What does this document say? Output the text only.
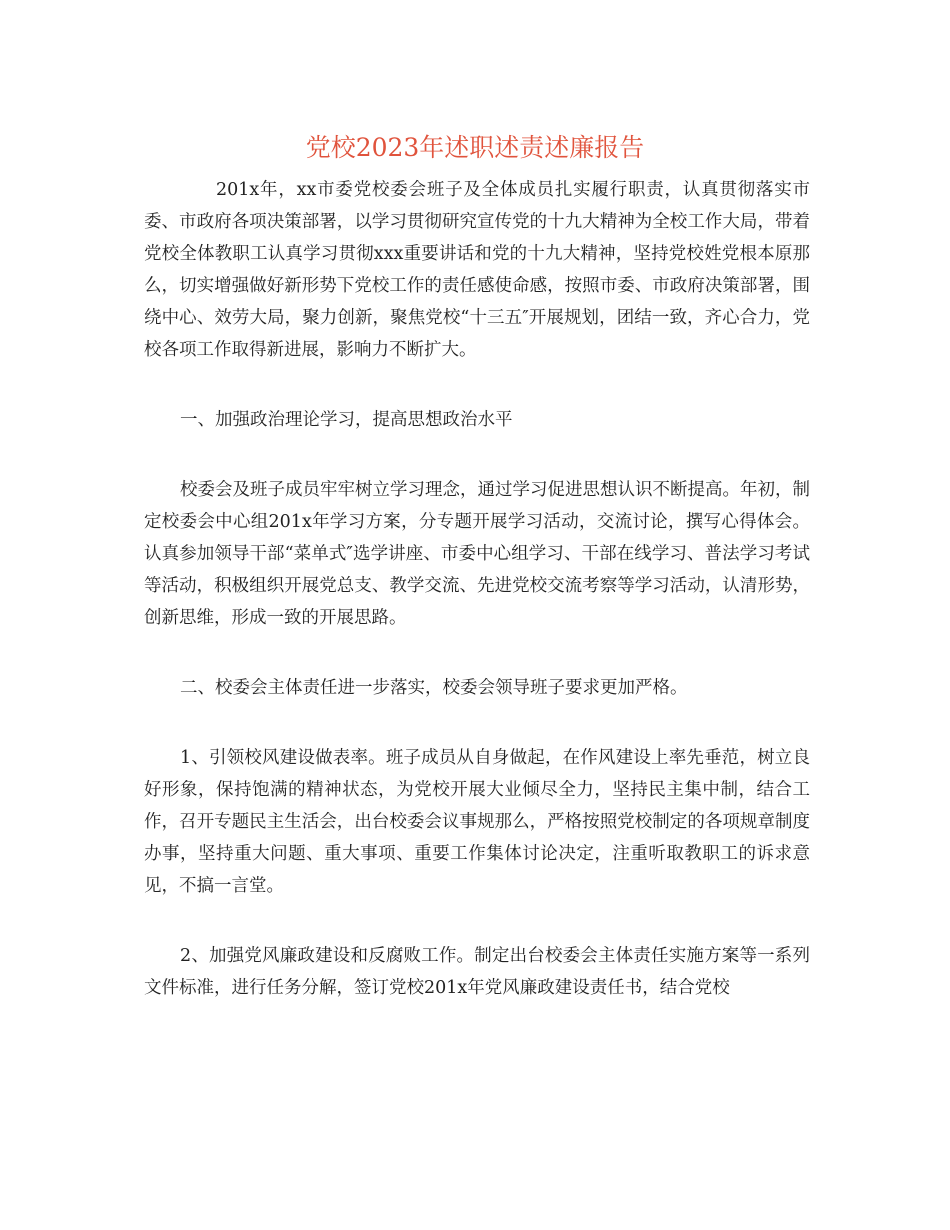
党校2023年述职述责述廉报告

201x年，xx市委党校委会班子及全体成员扎实履行职责，认真贯彻落实市委、市政府各项决策部署，以学习贯彻研究宣传党的十九大精神为全校工作大局，带着党校全体教职工认真学习贯彻xxx重要讲话和党的十九大精神，坚持党校姓党根本原那么，切实增强做好新形势下党校工作的责任感使命感，按照市委、市政府决策部署，围绕中心、效劳大局，聚力创新，聚焦党校“十三五″开展规划，团结一致，齐心合力，党校各项工作取得新进展，影响力不断扩大。

一、加强政治理论学习，提高思想政治水平

校委会及班子成员牢牢树立学习理念，通过学习促进思想认识不断提高。年初，制定校委会中心组201x年学习方案，分专题开展学习活动，交流讨论，撰写心得体会。认真参加领导干部“菜单式″选学讲座、市委中心组学习、干部在线学习、普法学习考试等活动，积极组织开展党总支、教学交流、先进党校交流考察等学习活动，认清形势，创新思维，形成一致的开展思路。

二、校委会主体责任进一步落实，校委会领导班子要求更加严格。

1、引领校风建设做表率。班子成员从自身做起，在作风建设上率先垂范，树立良好形象，保持饱满的精神状态，为党校开展大业倾尽全力，坚持民主集中制，结合工作，召开专题民主生活会，出台校委会议事规那么，严格按照党校制定的各项规章制度办事，坚持重大问题、重大事项、重要工作集体讨论决定，注重听取教职工的诉求意见，不搞一言堂。

2、加强党风廉政建设和反腐败工作。制定出台校委会主体责任实施方案等一系列文件标准，进行任务分解，签订党校201x年党风廉政建设责任书，结合党校
